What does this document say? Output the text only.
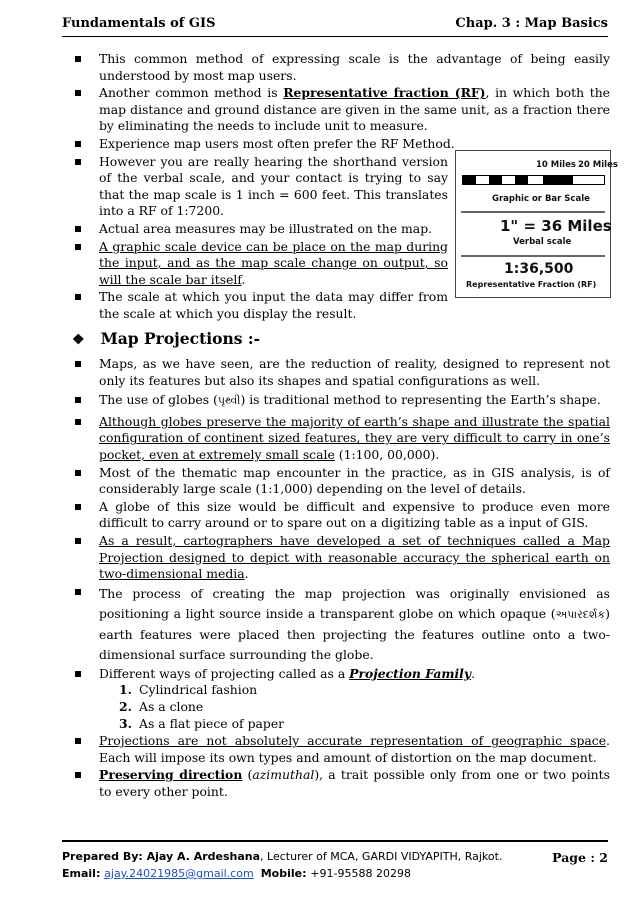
Fundamentals of GIS	Chap. 3 : Map Basics
This common method of expressing scale is the advantage of being easily understood by most map users.
Another common method is Representative fraction (RF), in which both the map distance and ground distance are given in the same unit, as a fraction there by eliminating the needs to include unit to measure.
Experience map users most often prefer the RF Method.
However you are really hearing the shorthand version of the verbal scale, and your contact is trying to say that the map scale is 1 inch = 600 feet. This translates into a RF of 1:7200.
Actual area measures may be illustrated on the map.
A graphic scale device can be place on the map during the input, and as the map scale change on output, so will the scale bar itself.
The scale at which you input the data may differ from the scale at which you display the result.
❖ Map Projections :-
Maps, as we have seen, are the reduction of reality, designed to represent not only its features but also its shapes and spatial configurations as well.
The use of globes (પૃથ્વી) is traditional method to representing the Earth’s shape.
Although globes preserve the majority of earth’s shape and illustrate the spatial configuration of continent sized features, they are very difficult to carry in one’s pocket, even at extremely small scale (1:100, 00,000).
Most of the thematic map encounter in the practice, as in GIS analysis, is of considerably large scale (1:1,000) depending on the level of details.
A globe of this size would be difficult and expensive to produce even more difficult to carry around or to spare out on a digitizing table as a input of GIS.
As a result, cartographers have developed a set of techniques called a Map Projection designed to depict with reasonable accuracy the spherical earth on two-dimensional media.
The process of creating the map projection was originally envisioned as positioning a light source inside a transparent globe on which opaque (અપારદર્શક) earth features were placed then projecting the features outline onto a two-dimensional surface surrounding the globe.
Different ways of projecting called as a Projection Family.
1. Cylindrical fashion
2. As a clone
3. As a flat piece of paper
Projections are not absolutely accurate representation of geographic space. Each will impose its own types and amount of distortion on the map document.
Preserving direction (azimuthal), a trait possible only from one or two points to every other point.
10 Miles 20 Miles
Graphic or Bar Scale
1" = 36 Miles
Verbal scale
1:36,500
Representative Fraction (RF)
Prepared By: Ajay A. Ardeshana, Lecturer of MCA, GARDI VIDYAPITH, Rajkot.
Email: ajay.24021985@gmail.com Mobile: +91-95588 20298
Page : 2
